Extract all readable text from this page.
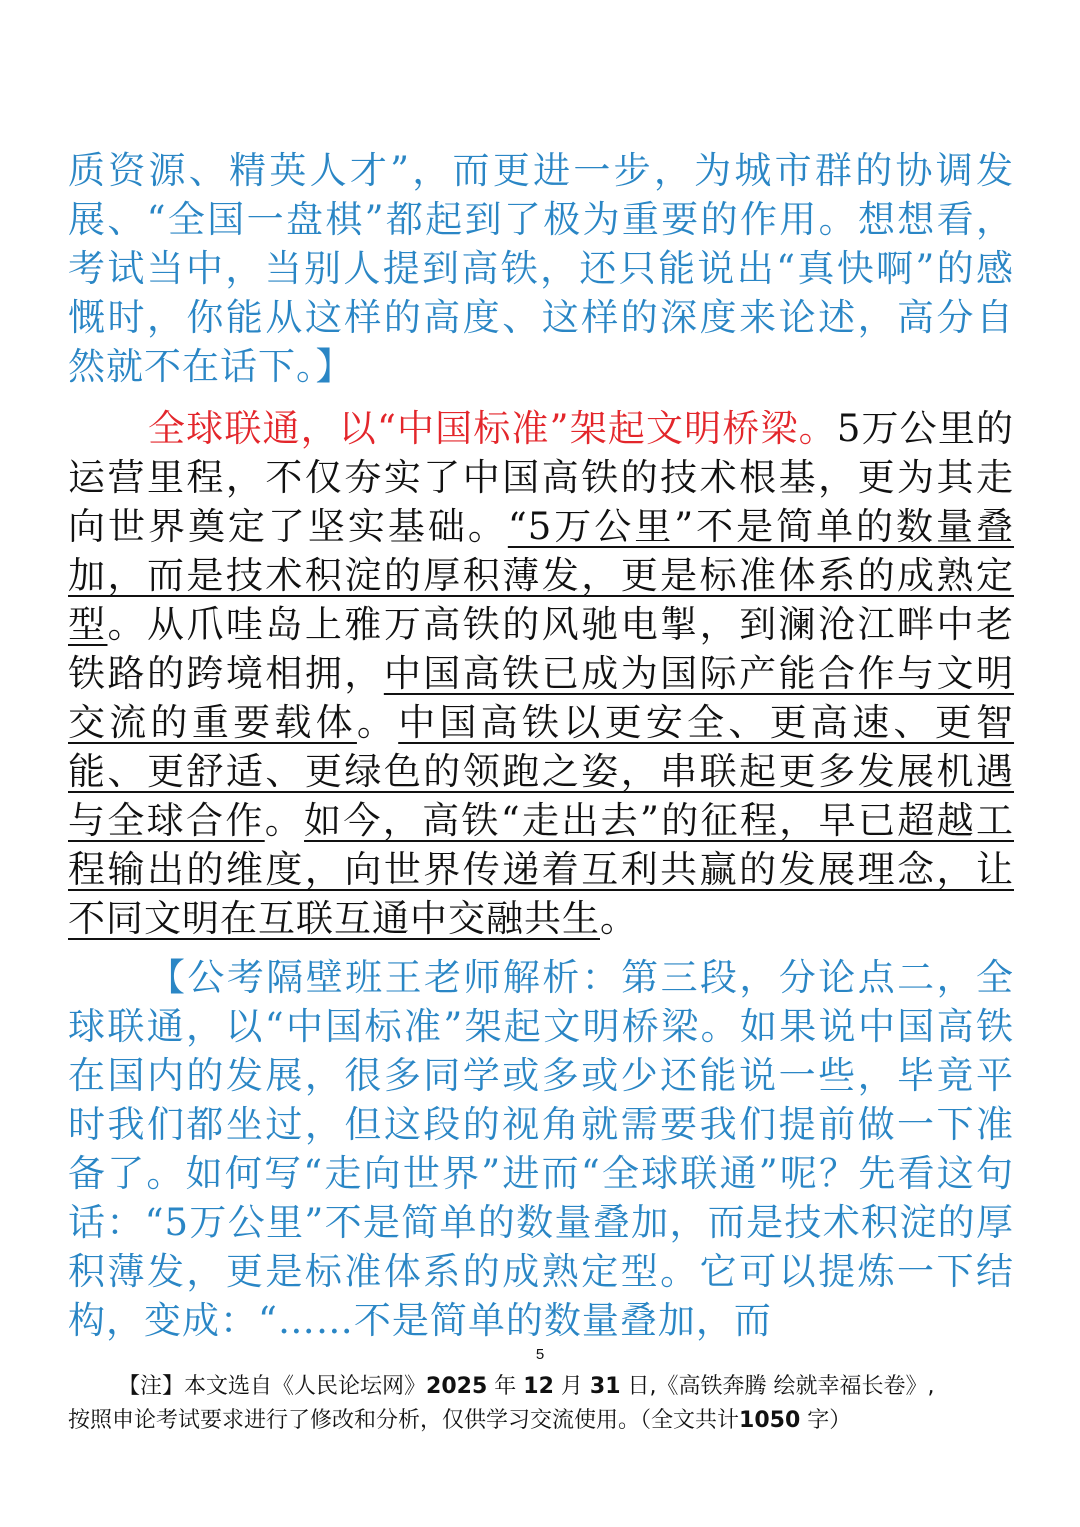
质资源、精英人才”，而更进一步，为城市群的协调发展、“全国一盘棋”都起到了极为重要的作用。想想看，考试当中，当别人提到高铁，还只能说出“真快啊”的感慨时，你能从这样的高度、这样的深度来论述，高分自然就不在话下。】

全球联通，以“中国标准”架起文明桥梁。5万公里的运营里程，不仅夯实了中国高铁的技术根基，更为其走向世界奠定了坚实基础。“5万公里”不是简单的数量叠加，而是技术积淀的厚积薄发，更是标准体系的成熟定型。从爪哇岛上雅万高铁的风驰电掣，到澜沧江畔中老铁路的跨境相拥，中国高铁已成为国际产能合作与文明交流的重要载体。中国高铁以更安全、更高速、更智能、更舒适、更绿色的领跑之姿，串联起更多发展机遇与全球合作。如今，高铁“走出去”的征程，早已超越工程输出的维度，向世界传递着互利共赢的发展理念，让不同文明在互联互通中交融共生。

【公考隔壁班王老师解析：第三段，分论点二，全球联通，以“中国标准”架起文明桥梁。如果说中国高铁在国内的发展，很多同学或多或少还能说一些，毕竟平时我们都坐过，但这段的视角就需要我们提前做一下准备了。如何写“走向世界”进而“全球联通”呢？先看这句话：“5万公里”不是简单的数量叠加，而是技术积淀的厚积薄发，更是标准体系的成熟定型。它可以提炼一下结构，变成：“……不是简单的数量叠加，而

5

【注】本文选自《人民论坛网》2025 年 12 月 31 日,《高铁奔腾 绘就幸福长卷》,

按照申论考试要求进行了修改和分析，仅供学习交流使用。（全文共计1050 字）
